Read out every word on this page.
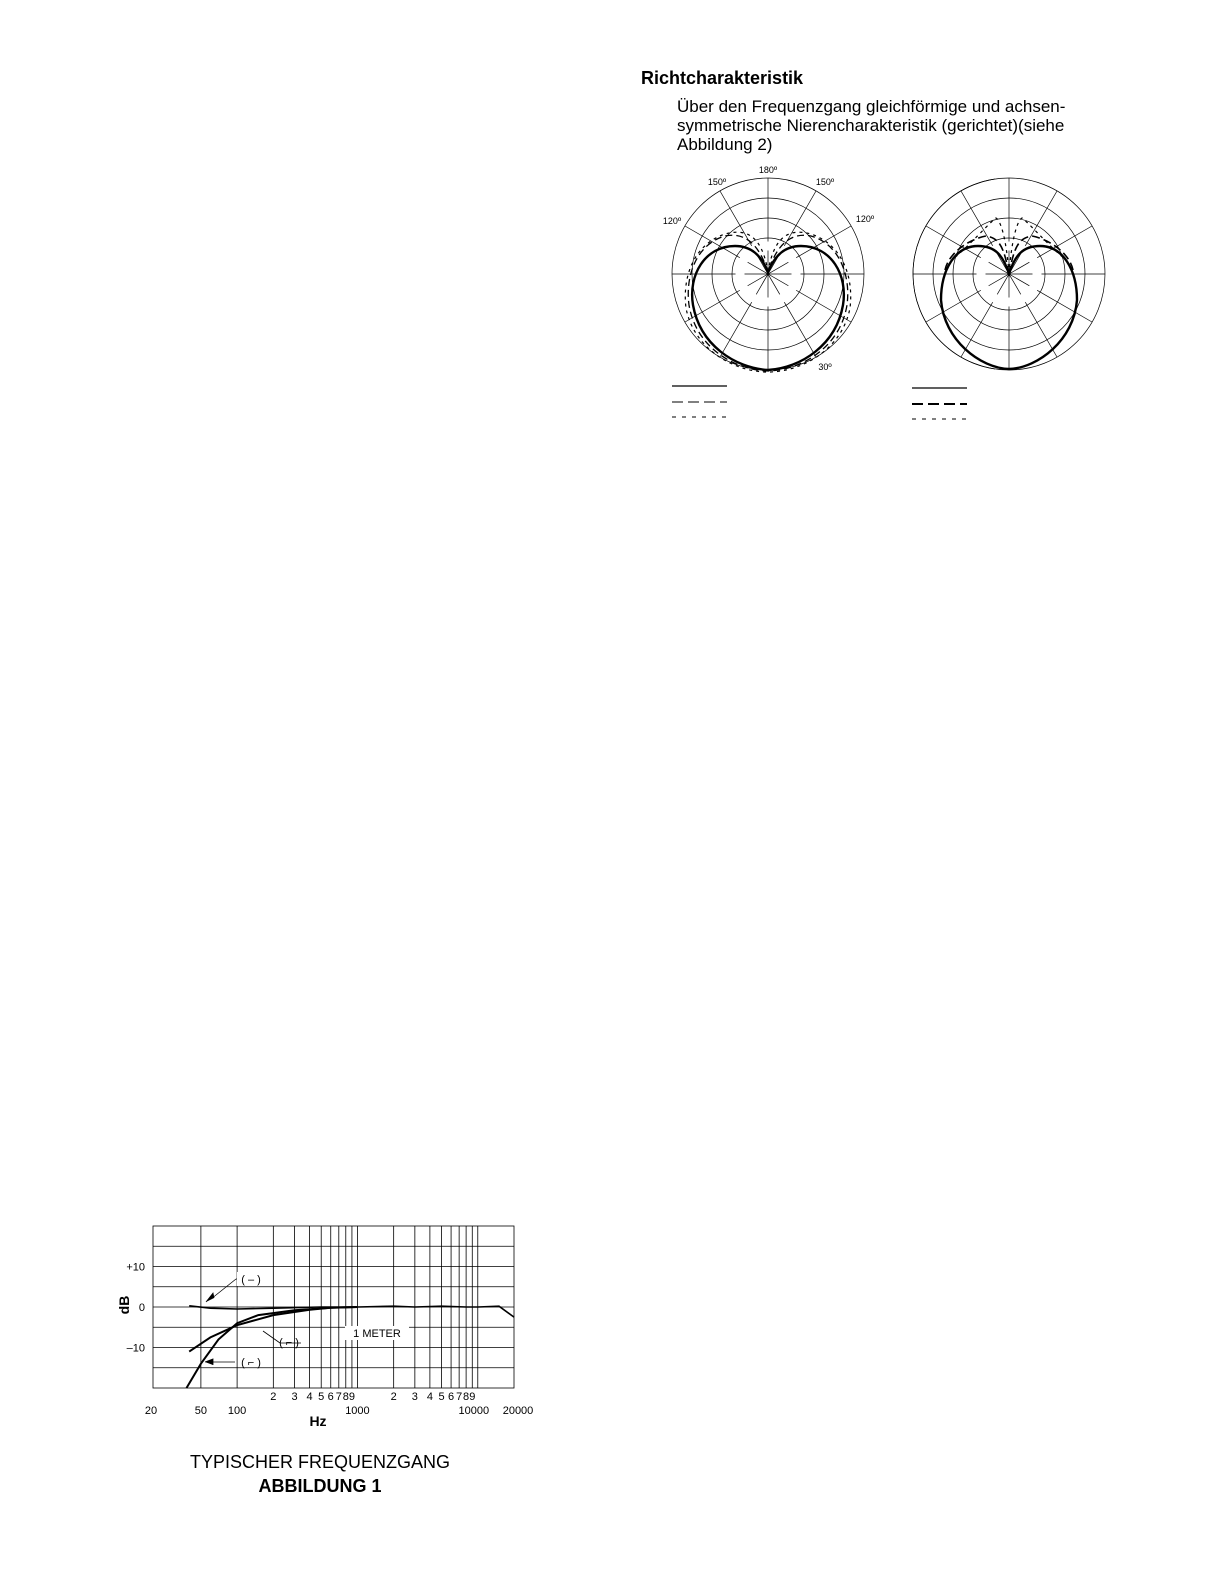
Richtcharakteristik

Über den Frequenzgang gleichförmige und achsen-
symmetrische Nierencharakteristik (gerichtet)(siehe
Abbildung 2)

180º
150º	150º
120º	120º
30º
+10
0
–10
20	50 100
2 3 4 5 6 7 8 9
1000
2 3 4 5 6 7 8 9
10000 20000
dB
Hz
1 METER
( – )
( ⌐ )
( ⌐ )

TYPISCHER FREQUENZGANG

ABBILDUNG 1
